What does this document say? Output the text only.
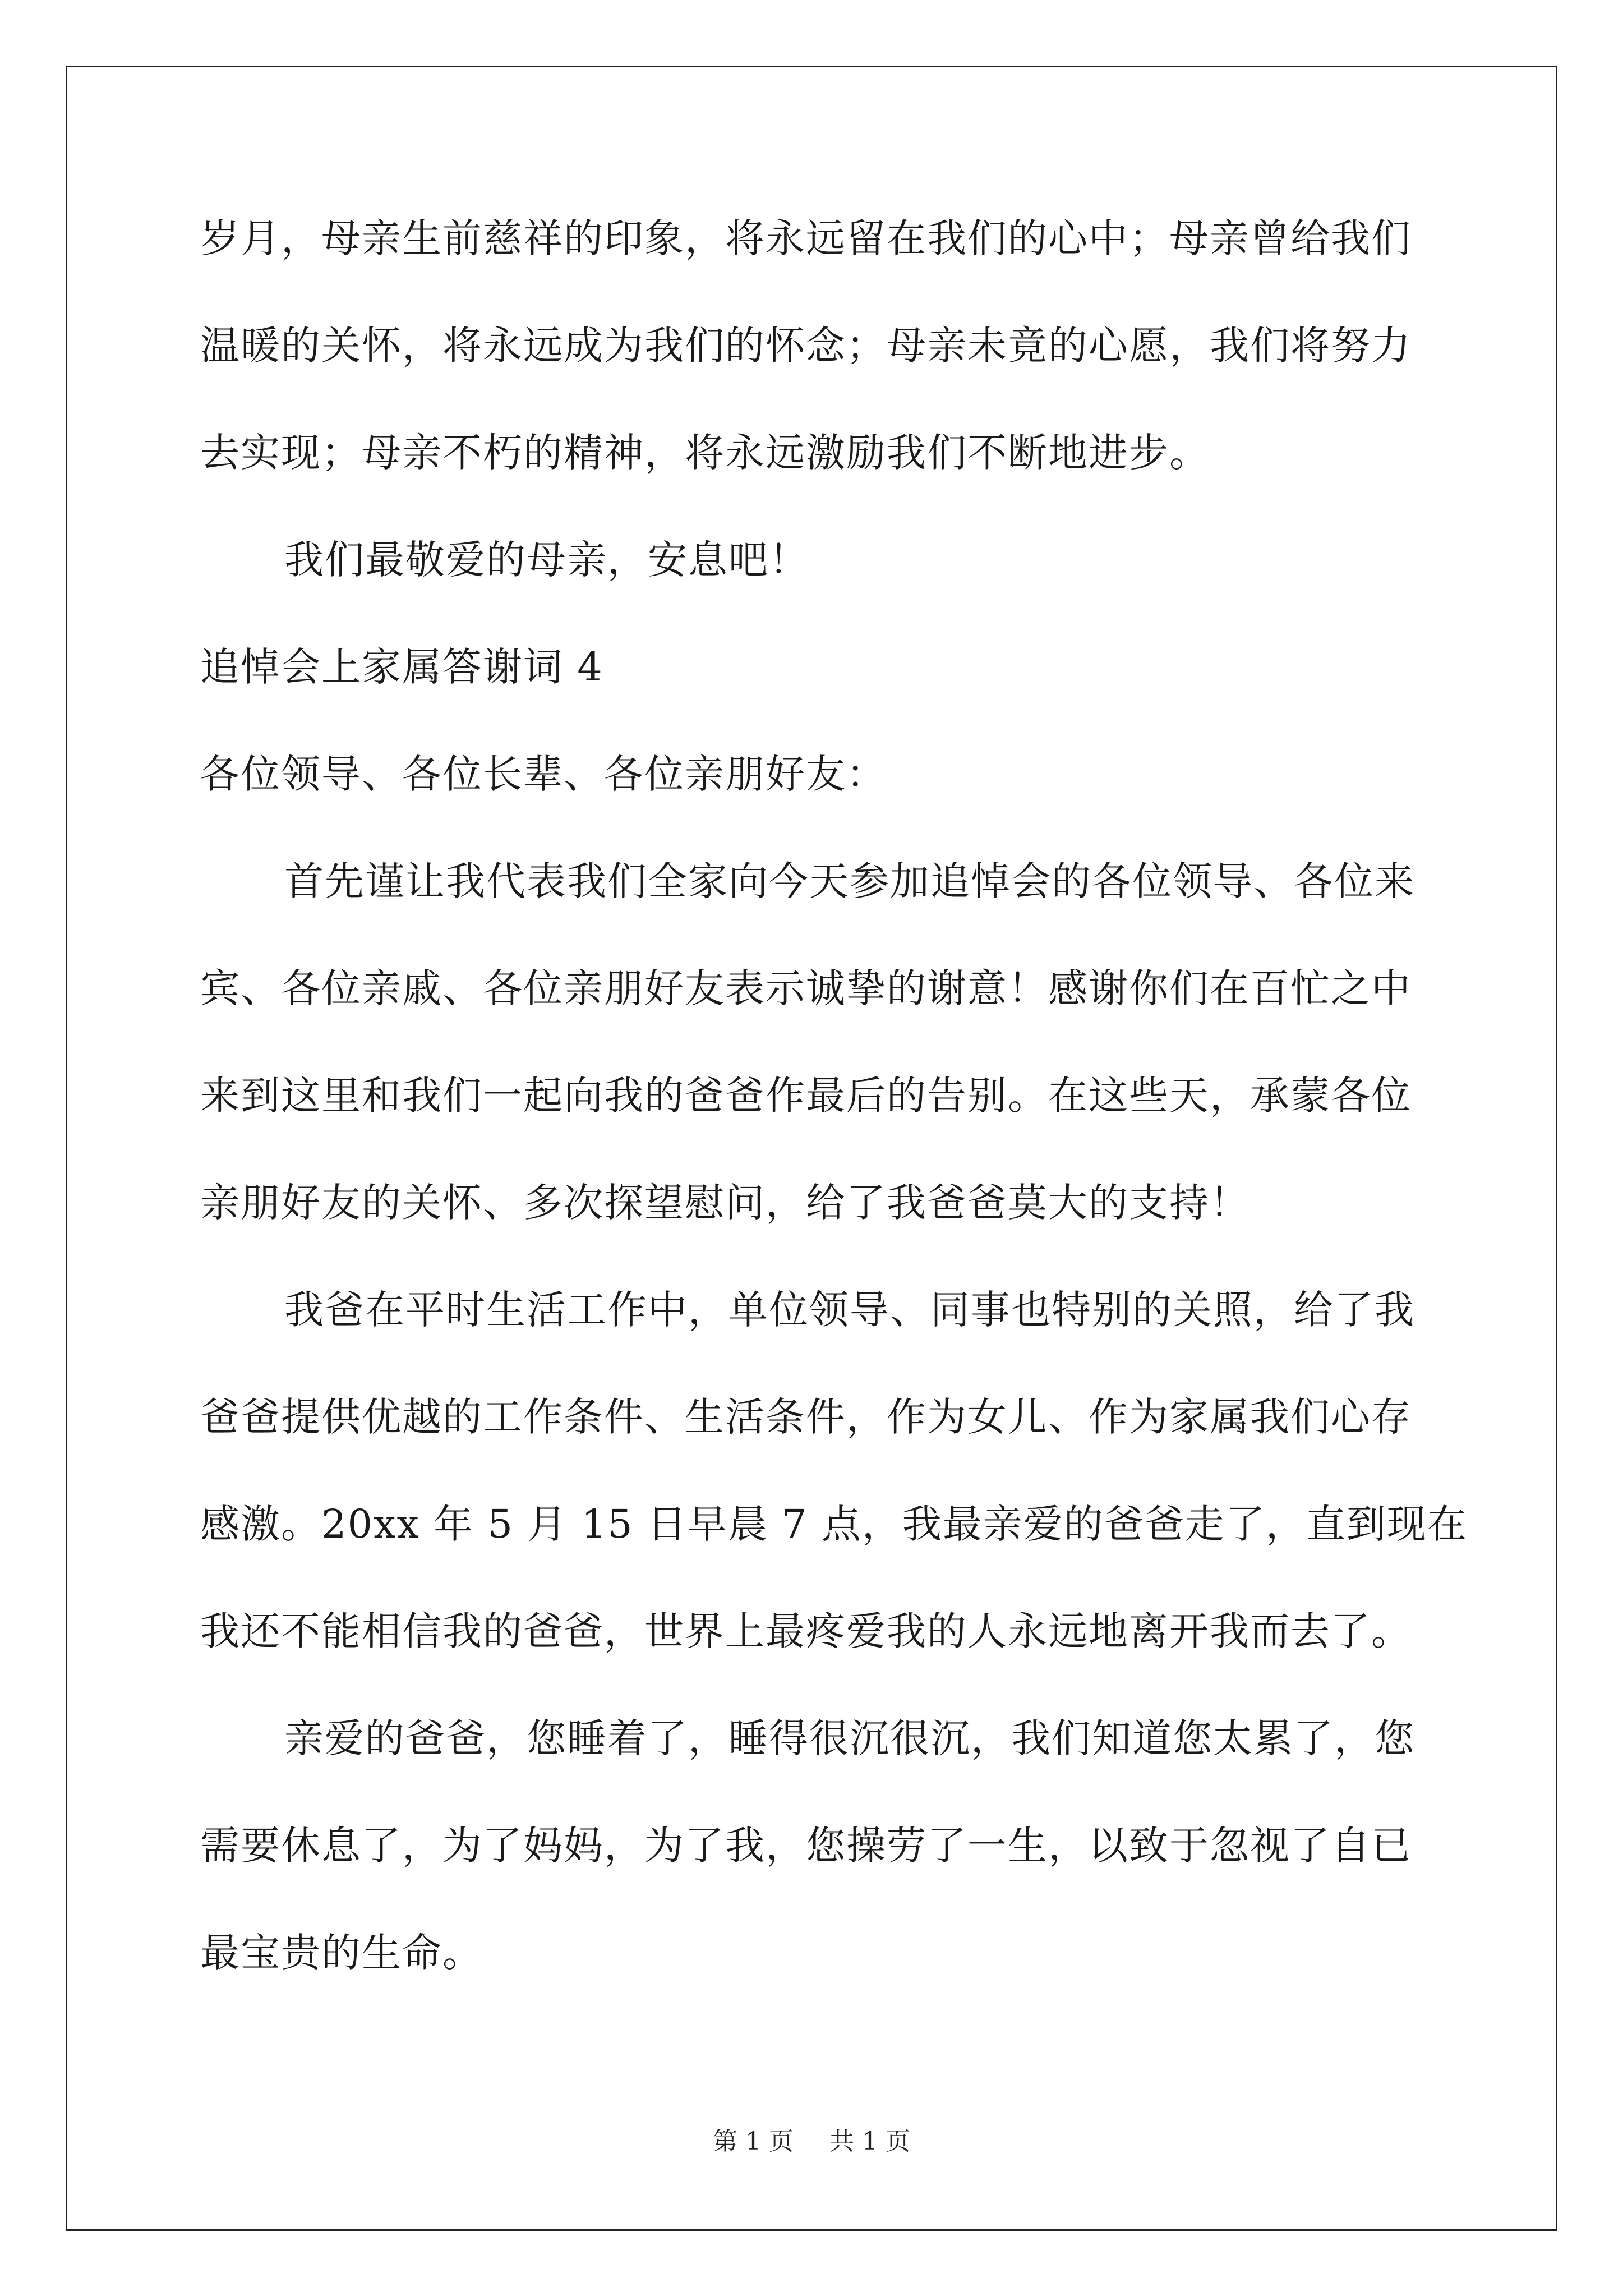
岁月，母亲生前慈祥的印象，将永远留在我们的心中；母亲曾给我们
温暖的关怀，将永远成为我们的怀念；母亲未竟的心愿，我们将努力
去实现；母亲不朽的精神，将永远激励我们不断地进步。
我们最敬爱的母亲，安息吧！
追悼会上家属答谢词 4
各位领导、各位长辈、各位亲朋好友：
首先谨让我代表我们全家向今天参加追悼会的各位领导、各位来
宾、各位亲戚、各位亲朋好友表示诚挚的谢意！感谢你们在百忙之中
来到这里和我们一起向我的爸爸作最后的告别。在这些天，承蒙各位
亲朋好友的关怀、多次探望慰问，给了我爸爸莫大的支持！
我爸在平时生活工作中，单位领导、同事也特别的关照，给了我
爸爸提供优越的工作条件、生活条件，作为女儿、作为家属我们心存
感激。20xx 年 5 月 15 日早晨 7 点，我最亲爱的爸爸走了，直到现在
我还不能相信我的爸爸，世界上最疼爱我的人永远地离开我而去了。
亲爱的爸爸，您睡着了，睡得很沉很沉，我们知道您太累了，您
需要休息了，为了妈妈，为了我，您操劳了一生，以致于忽视了自已
最宝贵的生命。
第 1 页 共 1 页
